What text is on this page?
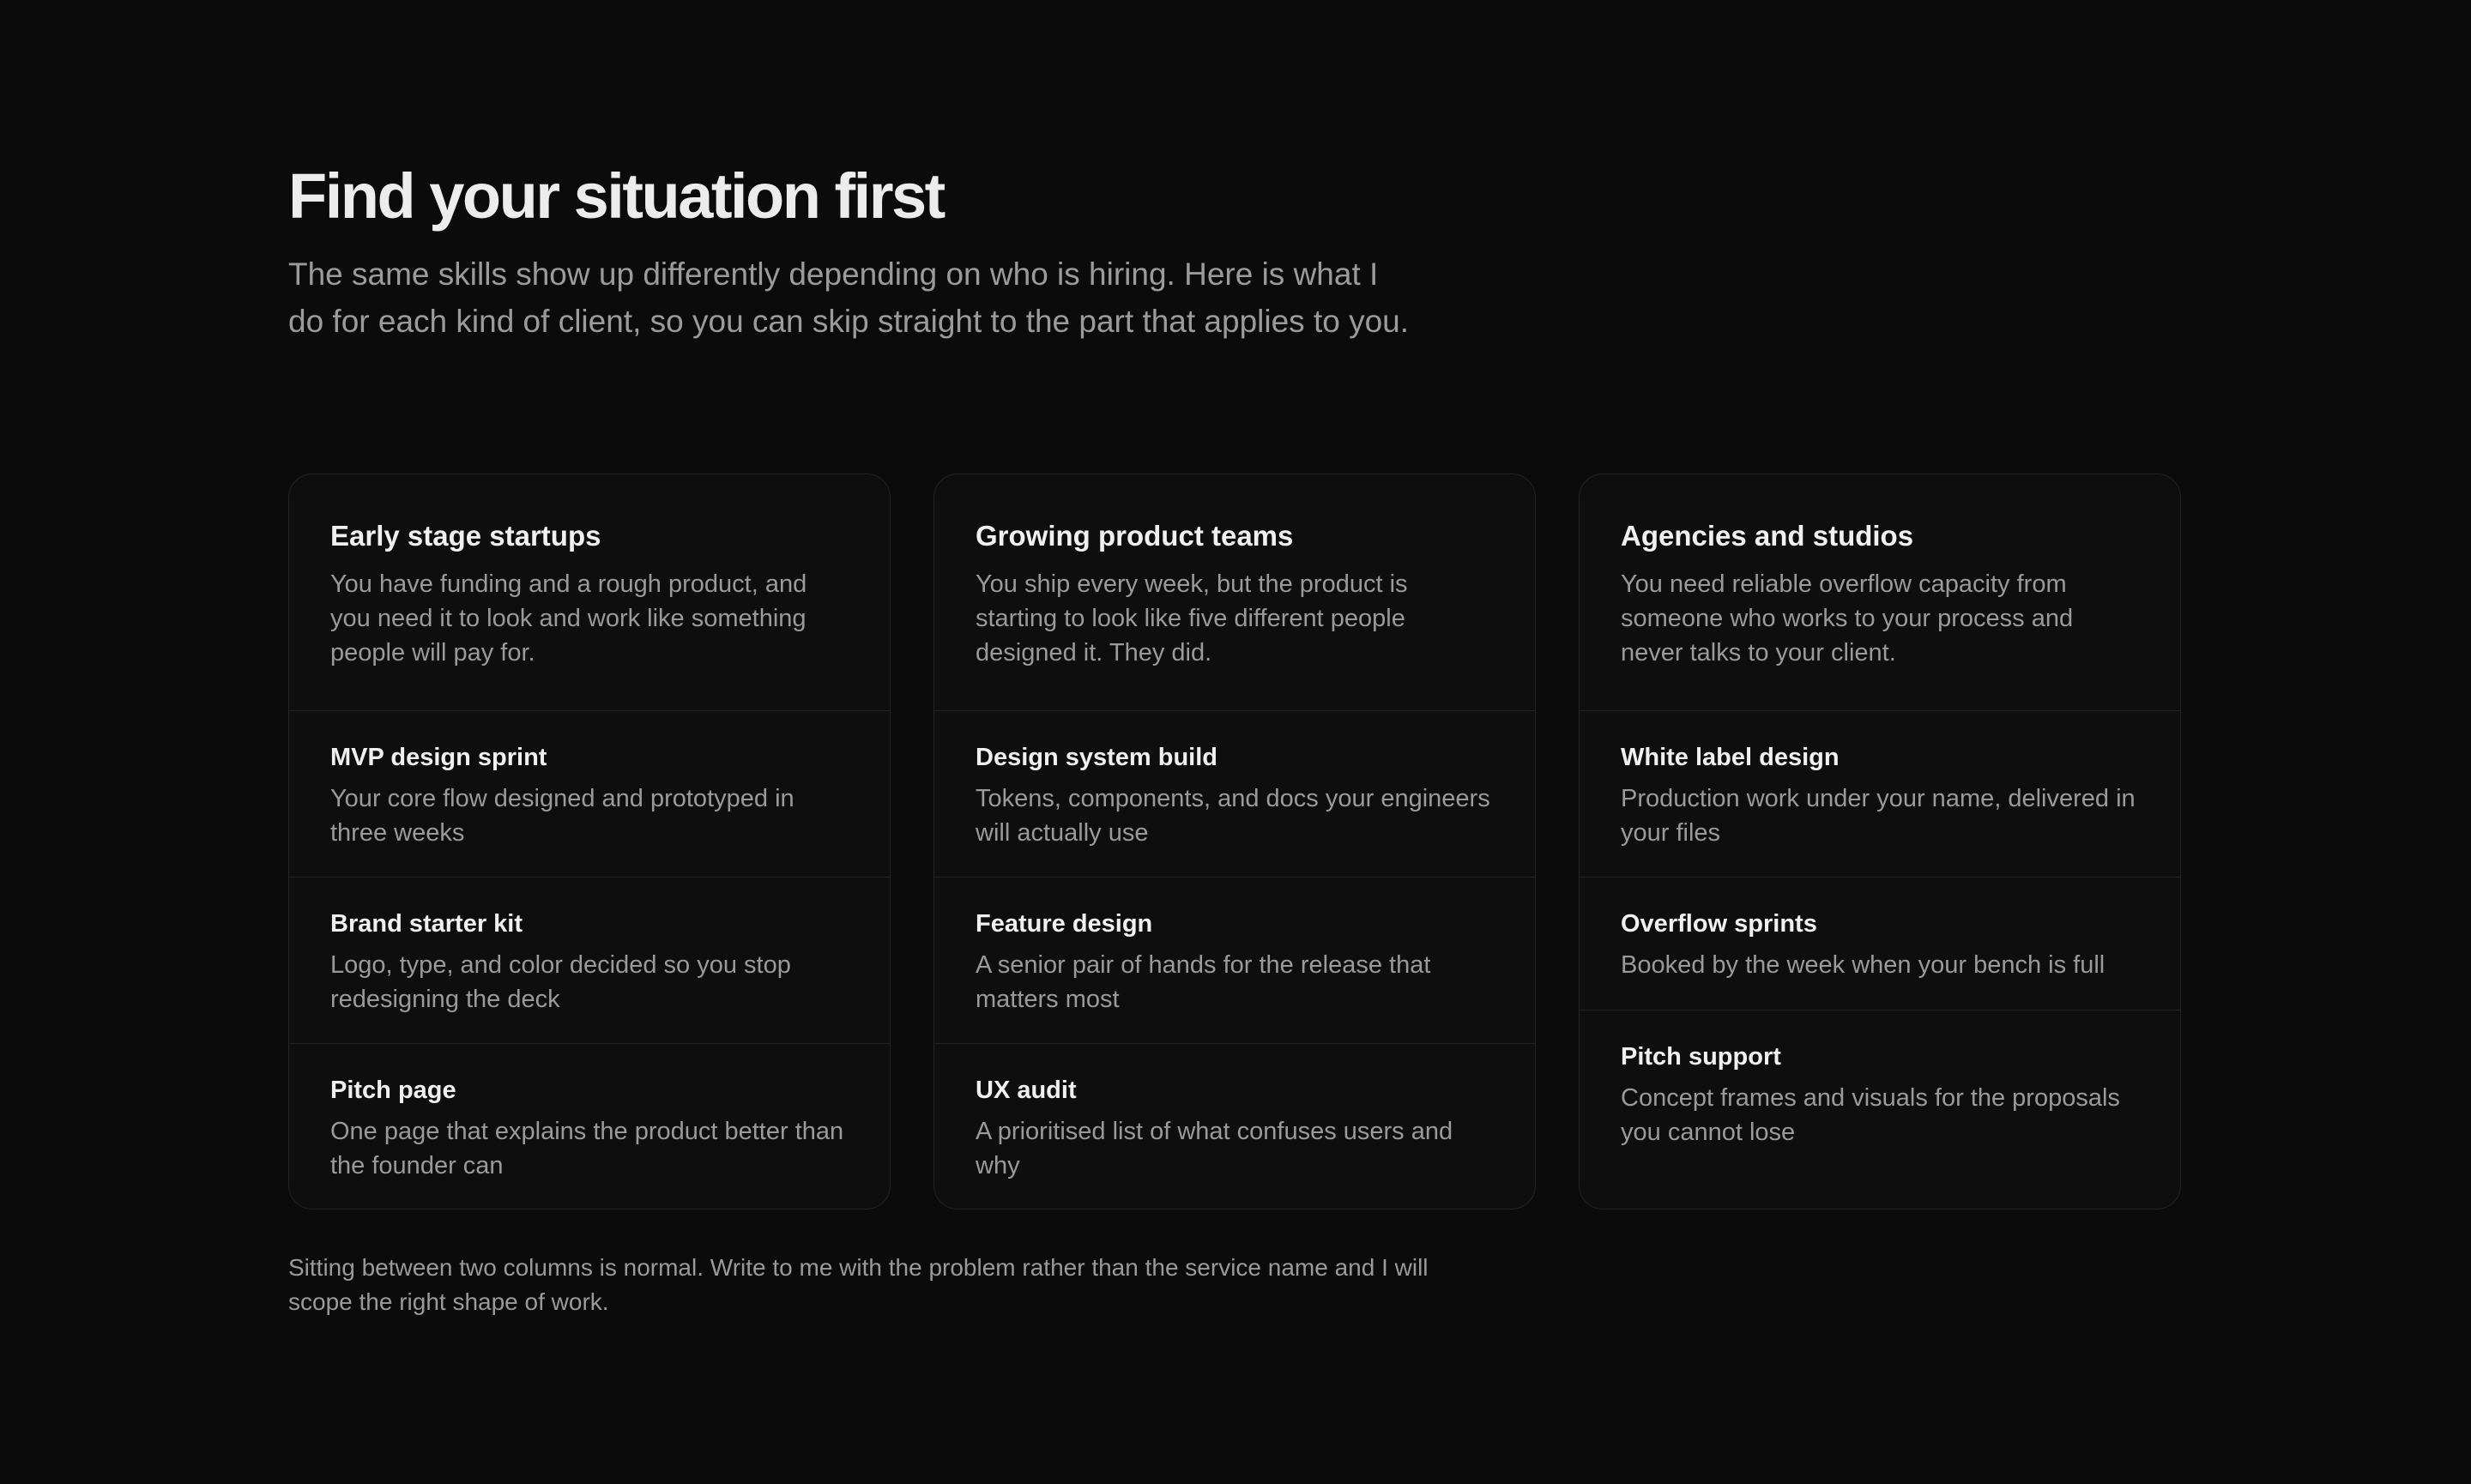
Find your situation first

The same skills show up differently depending on who is hiring. Here is what I do for each kind of client, so you can skip straight to the part that applies to you.

Early stage startups
You have funding and a rough product, and you need it to look and work like something people will pay for.
MVP design sprint
Your core flow designed and prototyped in three weeks
Brand starter kit
Logo, type, and color decided so you stop redesigning the deck
Pitch page
One page that explains the product better than the founder can
Growing product teams
You ship every week, but the product is starting to look like five different people designed it. They did.
Design system build
Tokens, components, and docs your engineers will actually use
Feature design
A senior pair of hands for the release that matters most
UX audit
A prioritised list of what confuses users and why
Agencies and studios
You need reliable overflow capacity from someone who works to your process and never talks to your client.
White label design
Production work under your name, delivered in your files
Overflow sprints
Booked by the week when your bench is full
Pitch support
Concept frames and visuals for the proposals you cannot lose

Sitting between two columns is normal. Write to me with the problem rather than the service name and I will scope the right shape of work.
